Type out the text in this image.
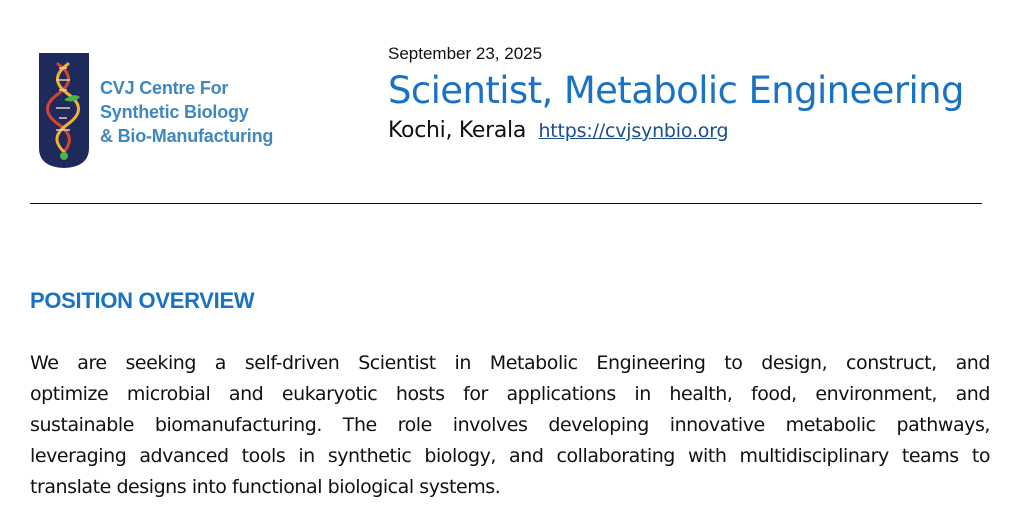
CVJ Centre For
Synthetic Biology
& Bio-Manufacturing
September 23, 2025
Scientist, Metabolic Engineering
Kochi, Kerala https://cvjsynbio.org
POSITION OVERVIEW
We are seeking a self-driven Scientist in Metabolic Engineering to design, construct, and
optimize microbial and eukaryotic hosts for applications in health, food, environment, and
sustainable biomanufacturing. The role involves developing innovative metabolic pathways,
leveraging advanced tools in synthetic biology, and collaborating with multidisciplinary teams to
translate designs into functional biological systems.
